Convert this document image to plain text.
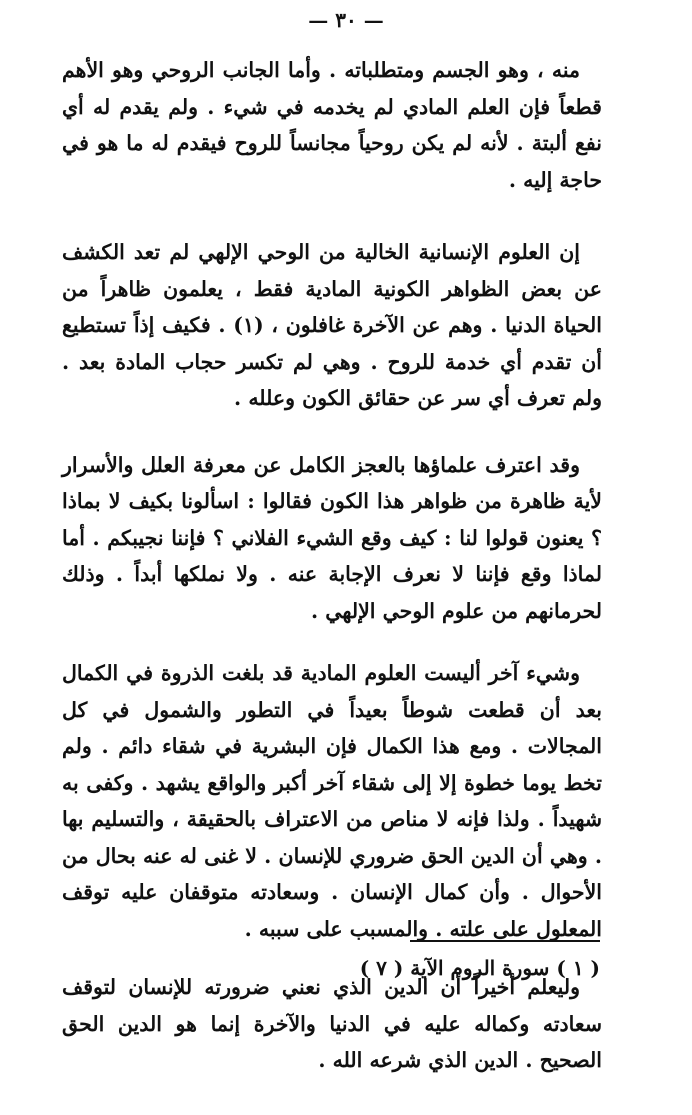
— ٣٠ —

منه ، وهو الجسم ومتطلباته . وأما الجانب الروحي وهو الأهم قطعاً فإن العلم المادي لم يخدمه في شيء . ولم يقدم له أي نفع ألبتة . لأنه لم يكن روحياً مجانساً للروح فيقدم له ما هو في حاجة إليه .

إن العلوم الإنسانية الخالية من الوحي الإلهي لم تعد الكشف عن بعض الظواهر الكونية المادية فقط ، يعلمون ظاهراً من الحياة الدنيا . وهم عن الآخرة غافلون ، (١) . فكيف إذاً تستطيع أن تقدم أي خدمة للروح . وهي لم تكسر حجاب المادة بعد . ولم تعرف أي سر عن حقائق الكون وعلله .

وقد اعترف علماؤها بالعجز الكامل عن معرفة العلل والأسرار لأية ظاهرة من ظواهر هذا الكون فقالوا : اسألونا بكيف لا بماذا ؟ يعنون قولوا لنا : كيف وقع الشيء الفلاني ؟ فإننا نجيبكم . أما لماذا وقع فإننا لا نعرف الإجابة عنه . ولا نملكها أبداً . وذلك لحرمانهم من علوم الوحي الإلهي .

وشيء آخر أليست العلوم المادية قد بلغت الذروة في الكمال بعد أن قطعت شوطاً بعيداً في التطور والشمول في كل المجالات . ومع هذا الكمال فإن البشرية في شقاء دائم . ولم تخط يوما خطوة إلا إلى شقاء آخر أكبر والواقع يشهد . وكفى به شهيداً . ولذا فإنه لا مناص من الاعتراف بالحقيقة ، والتسليم بها . وهي أن الدين الحق ضروري للإنسان . لا غنى له عنه بحال من الأحوال . وأن كمال الإنسان . وسعادته متوقفان عليه توقف المعلول على علته . والمسبب على سببه .

وليعلم أخيراً أن الدين الذي نعني ضرورته للإنسان لتوقف سعادته وكماله عليه في الدنيا والآخرة إنما هو الدين الحق الصحيح . الدين الذي شرعه الله .

( ١ ) سورة الروم الآية ( ٧ )
